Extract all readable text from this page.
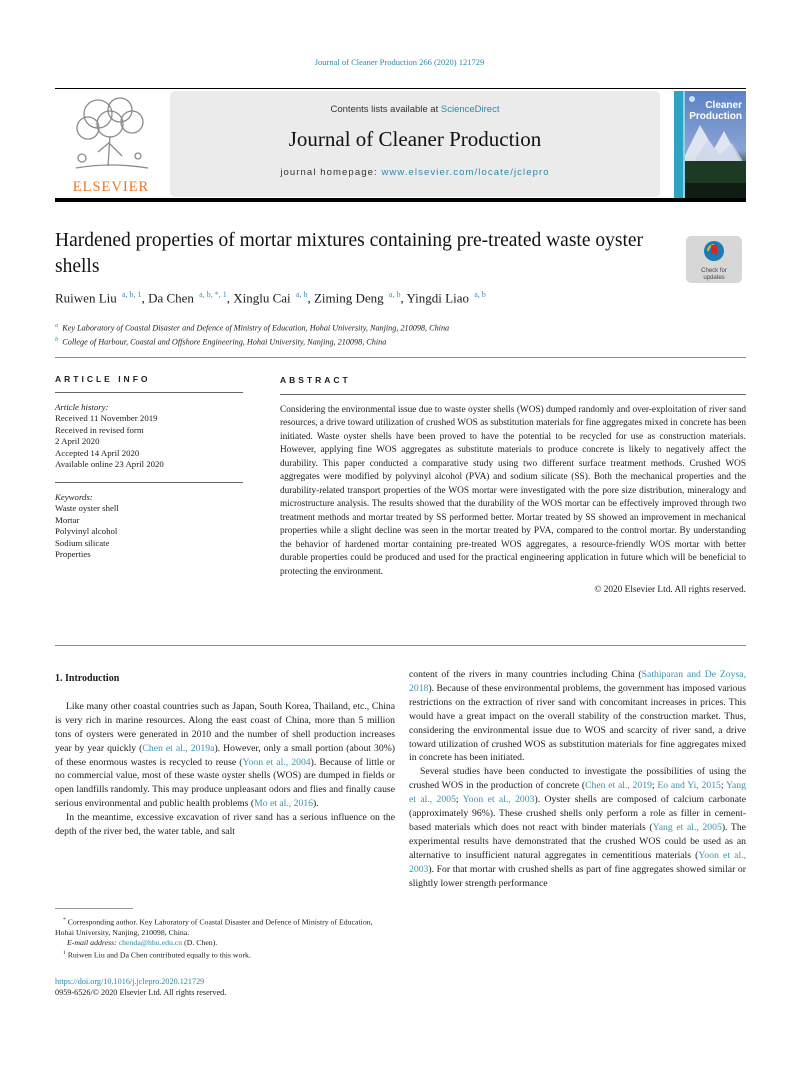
Journal of Cleaner Production 266 (2020) 121729
ELSEVIER
Contents lists available at ScienceDirect
Journal of Cleaner Production
journal homepage: www.elsevier.com/locate/jclepro
Cleaner
Production
Hardened properties of mortar mixtures containing pre-treated waste oyster shells	Check for
updates
Ruiwen Liu $^{a, b, 1}$, Da Chen $^{a, b, *, 1}$, Xinglu Cai $^{a, b}$, Ziming Deng $^{a, b}$, Yingdi Liao $^{a, b}$
$^a$ Key Laboratory of Coastal Disaster and Defence of Ministry of Education, Hohai University, Nanjing, 210098, China
$^b$ College of Harbour, Coastal and Offshore Engineering, Hohai University, Nanjing, 210098, China
ARTICLE INFO
Article history:
Received 11 November 2019
Received in revised form
2 April 2020
Accepted 14 April 2020
Available online 23 April 2020
Keywords:
Waste oyster shell
Mortar
Polyvinyl alcohol
Sodium silicate
Properties
ABSTRACT

Considering the environmental issue due to waste oyster shells (WOS) dumped randomly and over-exploitation of river sand resources, a drive toward utilization of crushed WOS as substitution materials for fine aggregates mixed in concrete has been initiated. Waste oyster shells have been proved to have the potential to be recycled for use as construction materials. However, applying fine WOS aggregates as substitute materials to produce concrete is likely to negatively affect the durability. This paper conducted a comparative study using two different surface treatment methods. Crushed WOS aggregates were modified by polyvinyl alcohol (PVA) and sodium silicate (SS). Both the mechanical properties and the durability-related transport properties of the WOS mortar were investigated with the pore size distribution, mineralogy and microstructure analysis. The results showed that the durability of the WOS mortar can be effectively improved through two treatment methods and mortar treated by SS performed better. Mortar treated by SS showed an improvement in mechanical properties while a slight decline was seen in the mortar treated by PVA, compared to the control mortar. By understanding the behavior of hardened mortar containing pre-treated WOS aggregates, a resource-friendly WOS mortar with better durable properties could be produced and used for the practical engineering application in future which will be beneficial to protecting the environment.

© 2020 Elsevier Ltd. All rights reserved.
1. Introduction

Like many other coastal countries such as Japan, South Korea, Thailand, etc., China is very rich in marine resources. Along the east coast of China, more than 5 million tons of oysters were generated in 2010 and the number of shell production increases year by year quickly (Chen et al., 2019a). However, only a small portion (about 30%) of these enormous wastes is recycled to reuse (Yoon et al., 2004). Because of little or no commercial value, most of these waste oyster shells (WOS) are dumped in fields or open landfills randomly. This may produce unpleasant odors and flies and finally cause serious environmental and public health problems (Mo et al., 2016).

In the meantime, excessive excavation of river sand has a serious influence on the depth of the river bed, the water table, and salt

content of the rivers in many countries including China (Sathiparan and De Zoysa, 2018). Because of these environmental problems, the government has imposed various restrictions on the extraction of river sand with concomitant increases in prices. This would have a great impact on the overall stability of the construction market. Thus, considering the environmental issue due to WOS and scarcity of river sand, a drive toward utilization of crushed WOS as substitution materials for fine aggregates mixed in concrete has been initiated.

Several studies have been conducted to investigate the possibilities of using the crushed WOS in the production of concrete (Chen et al., 2019; Eo and Yi, 2015; Yang et al., 2005; Yoon et al., 2003). Oyster shells are composed of calcium carbonate (approximately 96%). These crushed shells only perform a role as filler in cement-based materials which does not react with binder materials (Yang et al., 2005). The experimental results have demonstrated that the crushed WOS could be used as an alternative to insufficient natural aggregates in cementitious materials (Yoon et al., 2003). For that mortar with crushed shells as part of fine aggregates showed similar or slightly lower strength performance

* Corresponding author. Key Laboratory of Coastal Disaster and Defence of Ministry of Education, Hohai University, Nanjing, 210098, China.

E-mail address: chenda@hhu.edu.cn (D. Chen).

$^1$ Ruiwen Liu and Da Chen contributed equally to this work.

https://doi.org/10.1016/j.jclepro.2020.121729
0959-6526/© 2020 Elsevier Ltd. All rights reserved.
